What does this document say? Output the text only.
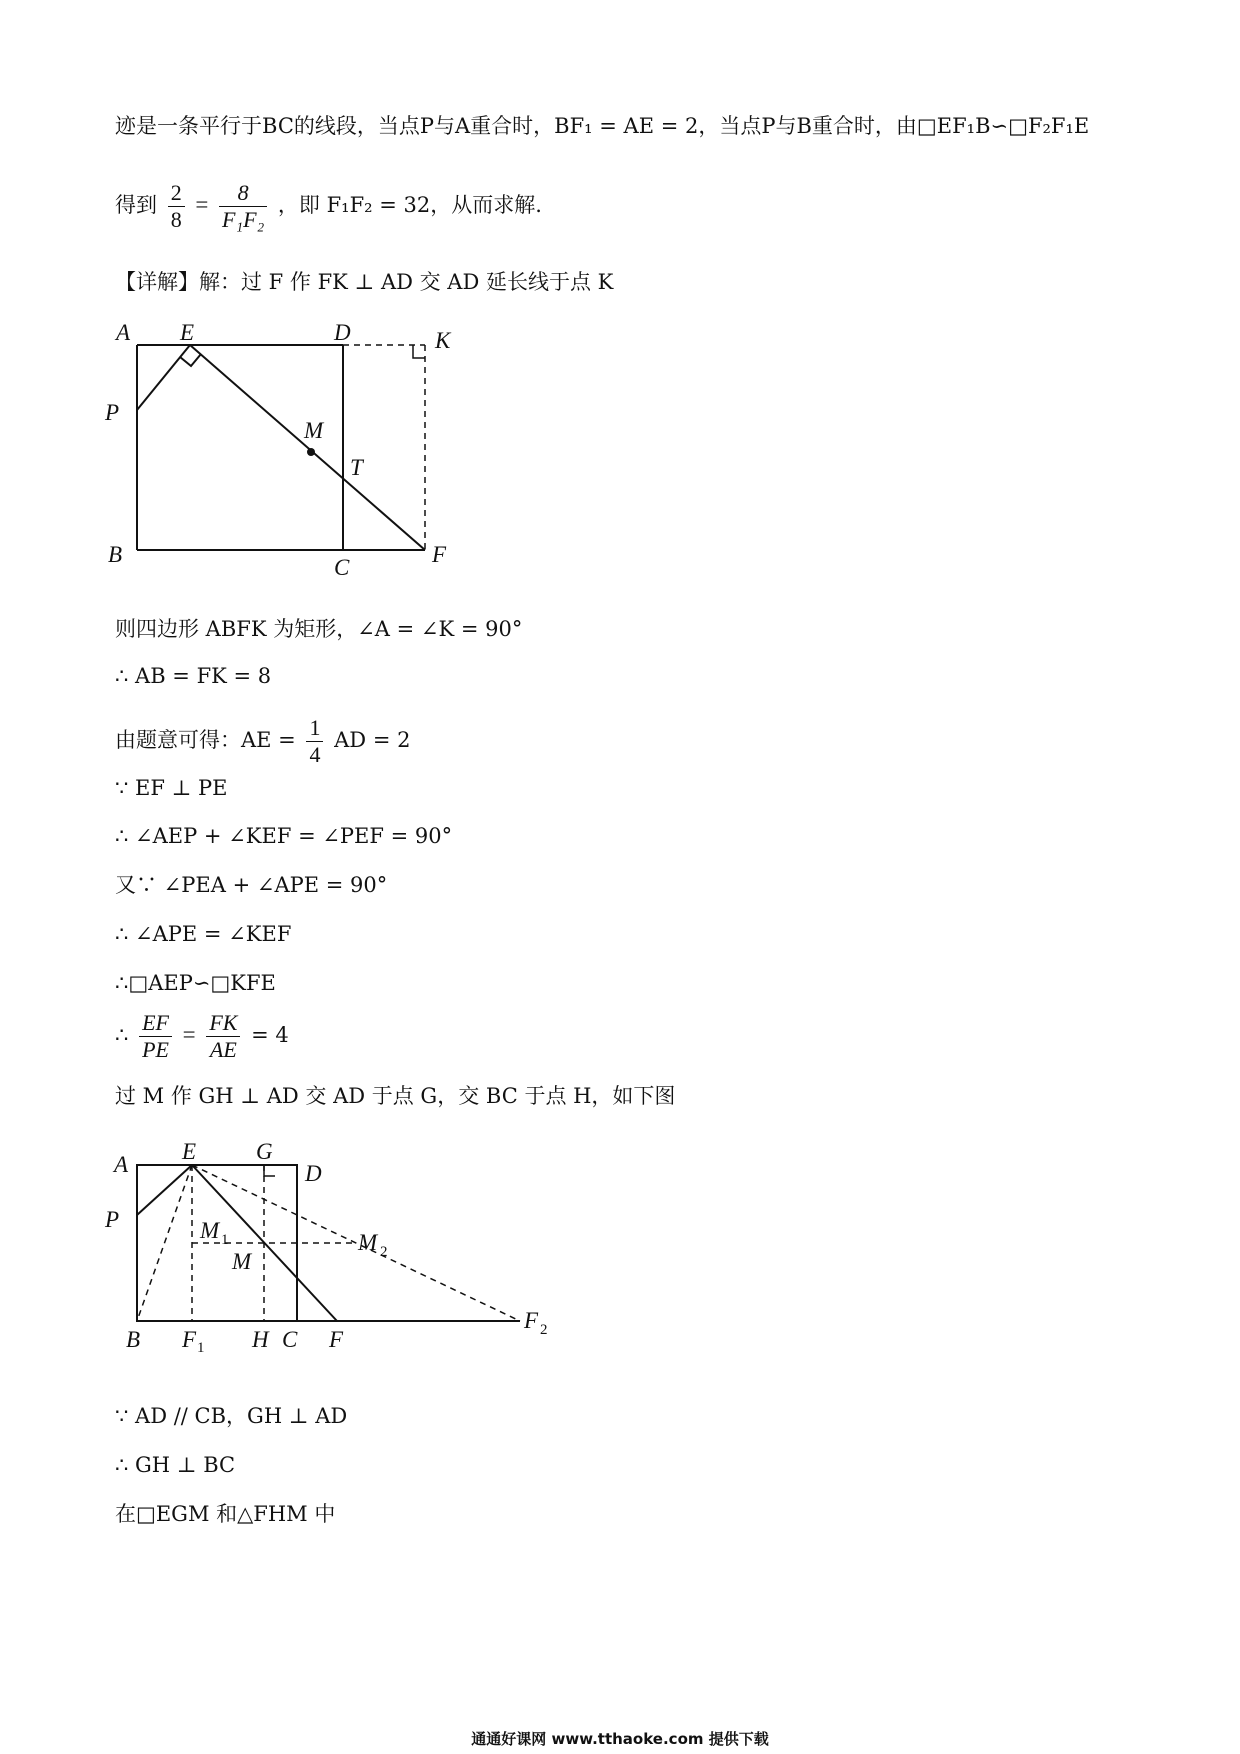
迹是一条平行于BC的线段，当点P与A重合时，BF₁ = AE = 2，当点P与B重合时，由□EF₁B∽□F₂F₁E
得到 $\frac{2}{8} = \frac{8}{\text{F₁F₂}}$ ，即 F₁F₂ = 32，从而求解.
【详解】解：过 F 作 FK ⊥ AD 交 AD 延长线于点 K
A E	D	K
P
M
T
B
C
F
则四边形 ABFK 为矩形，∠A = ∠K = 90°
∴ AB = FK = 8
由题意可得：AE = $\frac{1}{4}$ AD = 2
∵ EF ⊥ PE
∴ ∠AEP + ∠KEF = ∠PEF = 90°
又∵ ∠PEA + ∠APE = 90°
∴ ∠APE = ∠KEF
∴□AEP∽□KFE
∴ $\frac{EF}{PE} = \frac{FK}{AE} = 4$
过 M 作 GH ⊥ AD 交 AD 于点 G，交 BC 于点 H，如下图
A
E	G
D
P	M 1	M 2
M
B F 1 H C F
F 2
∵ AD // CB，GH ⊥ AD
∴ GH ⊥ BC
在□EGM 和△FHM 中
通通好课网 www.tthaoke.com 提供下载
